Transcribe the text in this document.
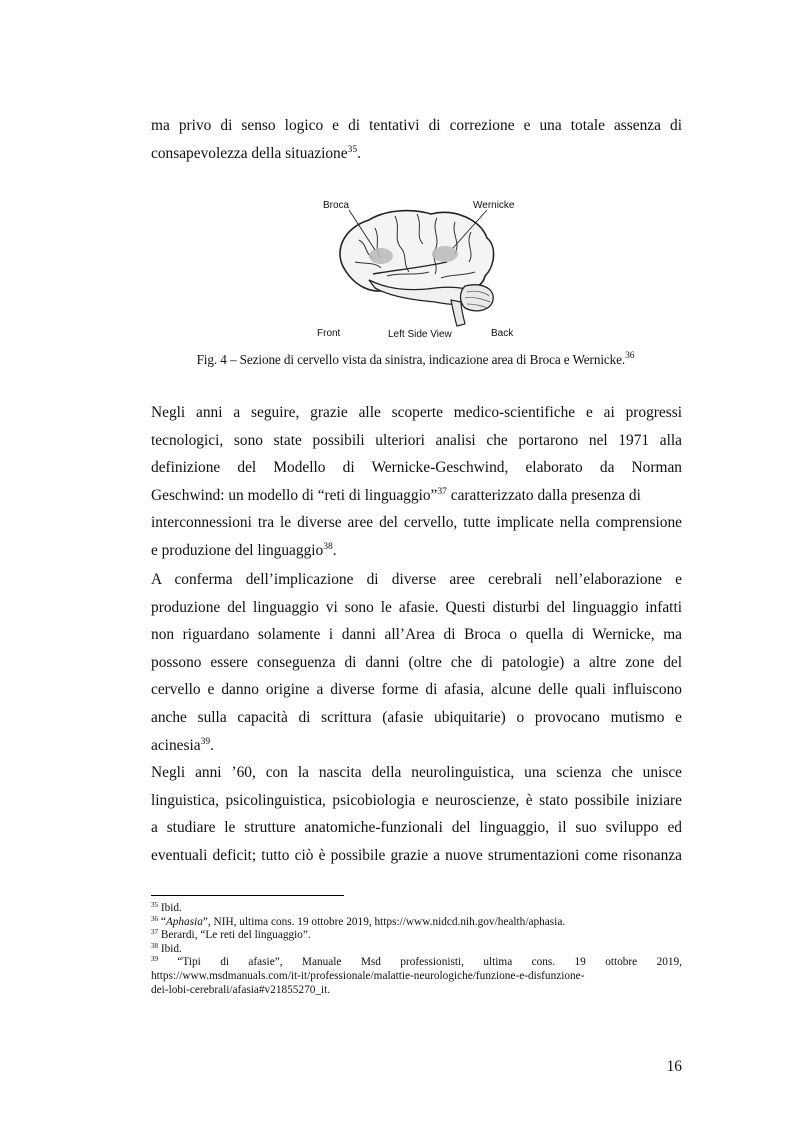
ma privo di senso logico e di tentativi di correzione e una totale assenza di
consapevolezza della situazione$^{35}$.

Broca	Wernicke
Front	Left Side View	Back
Fig. 4 – Sezione di cervello vista da sinistra, indicazione area di Broca e Wernicke.$^{36}$

Negli anni a seguire, grazie alle scoperte medico-scientifiche e ai progressi
tecnologici, sono state possibili ulteriori analisi che portarono nel 1971 alla
definizione del Modello di Wernicke-Geschwind, elaborato da Norman
Geschwind: un modello di “reti di linguaggio”$^{37}$ caratterizzato dalla presenza di
interconnessioni tra le diverse aree del cervello, tutte implicate nella comprensione
e produzione del linguaggio$^{38}$.

A conferma dell’implicazione di diverse aree cerebrali nell’elaborazione e
produzione del linguaggio vi sono le afasie. Questi disturbi del linguaggio infatti
non riguardano solamente i danni all’Area di Broca o quella di Wernicke, ma
possono essere conseguenza di danni (oltre che di patologie) a altre zone del
cervello e danno origine a diverse forme di afasia, alcune delle quali influiscono
anche sulla capacità di scrittura (afasie ubiquitarie) o provocano mutismo e
acinesia$^{39}$.

Negli anni ’60, con la nascita della neurolinguistica, una scienza che unisce
linguistica, psicolinguistica, psicobiologia e neuroscienze, è stato possibile iniziare
a studiare le strutture anatomiche-funzionali del linguaggio, il suo sviluppo ed
eventuali deficit; tutto ciò è possibile grazie a nuove strumentazioni come risonanza

$^{35}$ Ibid.
$^{36}$ “Aphasia”, NIH, ultima cons. 19 ottobre 2019, https://www.nidcd.nih.gov/health/aphasia.
$^{37}$ Berardi, “Le reti del linguaggio”.
$^{38}$ Ibid.
$^{39}$ “Tipi di afasie”, Manuale Msd professionisti, ultima cons. 19 ottobre 2019,
https://www.msdmanuals.com/it-it/professionale/malattie-neurologiche/funzione-e-disfunzione-
dei-lobi-cerebrali/afasia#v21855270_it.
16
